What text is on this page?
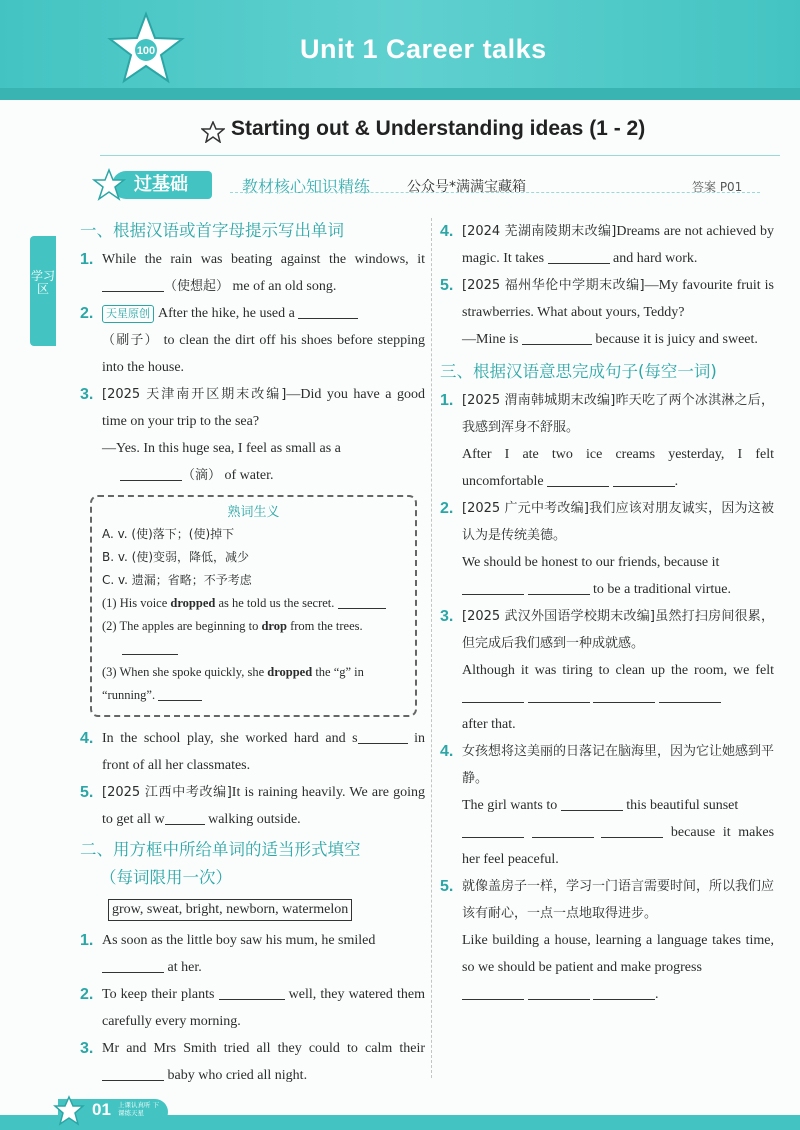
100	Unit 1 Career talks
Starting out & Understanding ideas (1 - 2)
过基础	教材核心知识精练	公众号*满满宝藏箱	答案 P01
学习区
一、根据汉语或首字母提示写出单词
1. While the rain was beating against the windows, it （使想起） me of an old song.
2. 天星原创 After the hike, he used a
（刷子） to clean the dirt off his shoes before stepping into the house.
3. [2025 天津南开区期末改编]—Did you have a good time on your trip to the sea?
—Yes. In this huge sea, I feel as small as a
（滴） of water.
熟词生义
A. v. (使)落下；(使)掉下
B. v. (使)变弱，降低，减少
C. v. 遗漏；省略；不予考虑
(1) His voice dropped as he told us the secret.
(2) The apples are beginning to drop from the trees.

(3) When she spoke quickly, she dropped the “g” in “running”.
4. In the school play, she worked hard and s	in front of all her classmates.
5. [2025 江西中考改编]It is raining heavily. We are going to get all w	walking outside.
二、用方框中所给单词的适当形式填空
（每词限用一次）
grow, sweat, bright, newborn, watermelon
1. As soon as the little boy saw his mum, he smiled
at her.
2. To keep their plants	well, they watered them carefully every morning.
3. Mr and Mrs Smith tried all they could to calm their  baby who cried all night.
4. [2024 芜湖南陵期末改编]Dreams are not achieved by magic. It takes	and hard work.
5. [2025 福州华伦中学期末改编]—My favourite fruit is strawberries. What about yours, Teddy?
—Mine is	because it is juicy and sweet.
三、根据汉语意思完成句子(每空一词)
1. [2025 渭南韩城期末改编]昨天吃了两个冰淇淋之后，我感到浑身不舒服。
After I ate two ice creams yesterday, I felt uncomfortable	.
2. [2025 广元中考改编]我们应该对朋友诚实，因为这被认为是传统美德。
We should be honest to our friends, because it
to be a traditional virtue.
3. [2025 武汉外国语学校期末改编]虽然打扫房间很累，但完成后我们感到一种成就感。
Although it was tiring to clean up the room, we felt
after that.
4. 女孩想将这美丽的日落记在脑海里，因为它让她感到平静。
The girl wants to	this beautiful sunset
because it makes her feel peaceful.
5. 就像盖房子一样，学习一门语言需要时间，所以我们应该有耐心，一点一点地取得进步。
Like building a house, learning a language takes time, so we should be patient and make progress
.
01 上课认真听 下课练天星
